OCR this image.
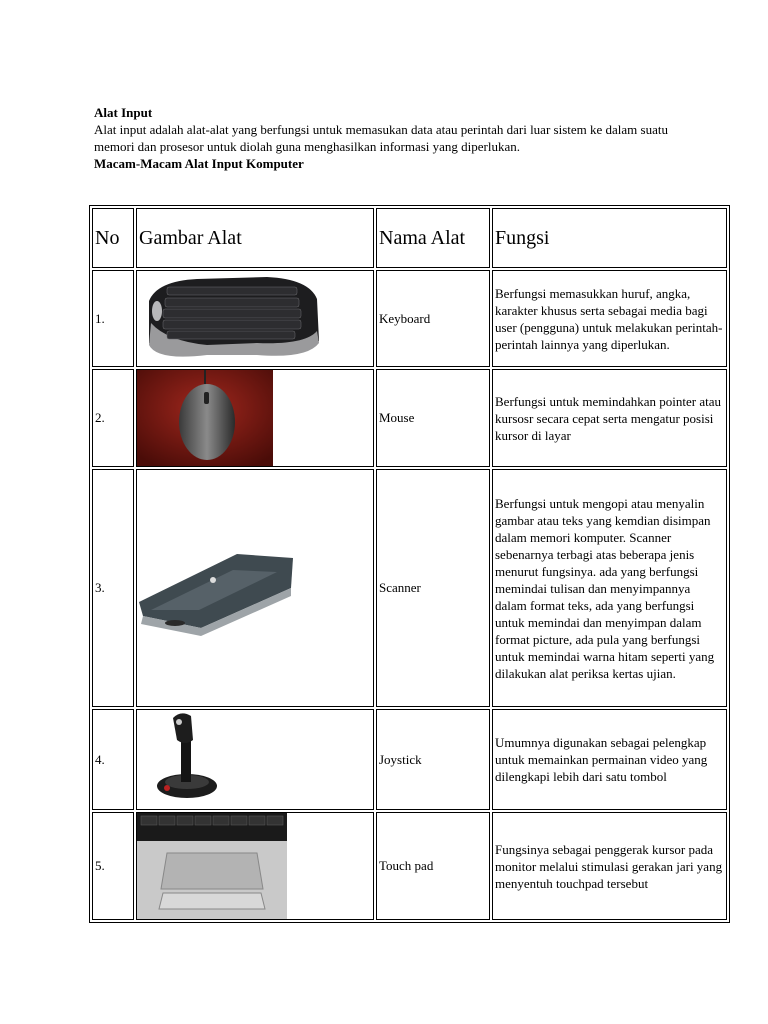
Alat Input

Alat input adalah alat-alat yang berfungsi untuk memasukan data atau perintah dari luar sistem ke dalam suatu memori dan prosesor untuk diolah guna menghasilkan informasi yang diperlukan.

Macam-Macam Alat Input Komputer

No	Gambar Alat	Nama Alat	Fungsi
1.		Keyboard	Berfungsi memasukkan huruf, angka, karakter khusus serta sebagai media bagi user (pengguna) untuk melakukan perintah-perintah lainnya yang diperlukan.
2.		Mouse	Berfungsi untuk memindahkan pointer atau kursosr secara cepat serta mengatur posisi kursor di layar
3.		Scanner	Berfungsi untuk mengopi atau menyalin gambar atau teks yang kemdian disimpan dalam memori komputer. Scanner sebenarnya terbagi atas beberapa jenis menurut fungsinya. ada yang berfungsi memindai tulisan dan menyimpannya dalam format teks, ada yang berfungsi untuk memindai dan menyimpan dalam format picture, ada pula yang berfungsi untuk memindai warna hitam seperti yang dilakukan alat periksa kertas ujian.
4.		Joystick	Umumnya digunakan sebagai pelengkap untuk memainkan permainan video yang dilengkapi lebih dari satu tombol
5.		Touch pad	Fungsinya sebagai penggerak kursor pada monitor melalui stimulasi gerakan jari yang menyentuh touchpad tersebut
